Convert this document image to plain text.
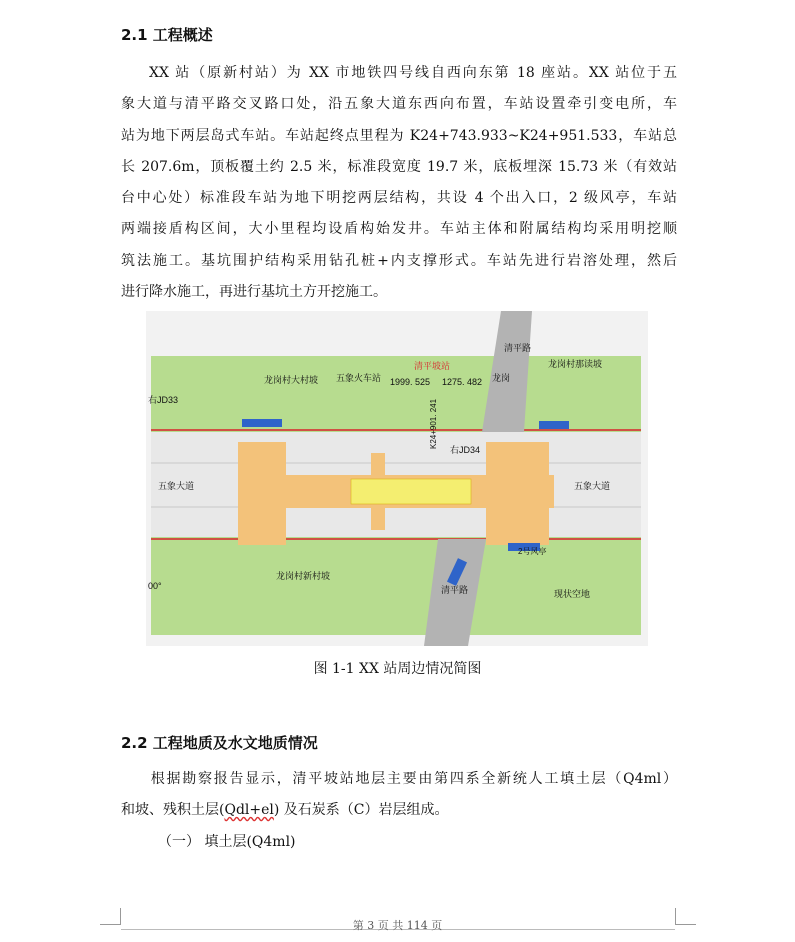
2.1 工程概述
XX 站（原新村站）为 XX 市地铁四号线自西向东第 18 座站。XX 站位于五
象大道与清平路交叉路口处，沿五象大道东西向布置，车站设置牵引变电所，车
站为地下两层岛式车站。车站起终点里程为 K24+743.933~K24+951.533，车站总
长 207.6m，顶板覆土约 2.5 米，标准段宽度 19.7 米，底板埋深 15.73 米（有效站
台中心处）标准段车站为地下明挖两层结构，共设 4 个出入口，2 级风亭，车站
两端接盾构区间，大小里程均设盾构始发井。车站主体和附属结构均采用明挖顺
筑法施工。基坑围护结构采用钻孔桩+内支撑形式。车站先进行岩溶处理，然后
进行降水施工，再进行基坑土方开挖施工。
清平路
清平路
五象大道	五象大道
龙岗村大村坡 五象火车站
清平坡站
1999. 525 1275. 482 龙岗
龙岗村那读坡
右JD33
右JD34
K24+901. 241
龙岗村新村坡
现状空地
2号风亭
00°
图 1-1 XX 站周边情况简图
2.2 工程地质及水文地质情况
根据勘察报告显示，清平坡站地层主要由第四系全新统人工填土层（Q4ml）
和坡、残积土层(Qdl+el) 及石炭系（C）岩层组成。
（一） 填土层(Q4ml)
第 3 页 共 114 页
